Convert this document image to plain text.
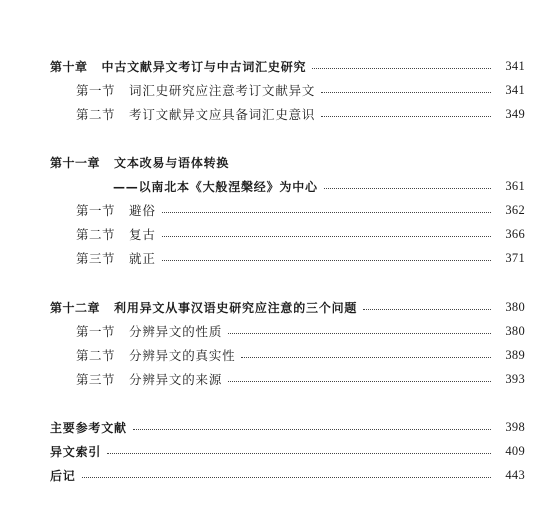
第十章 中古文献异文考订与中古词汇史研究	341
第一节 词汇史研究应注意考订文献异文	341
第二节 考订文献异文应具备词汇史意识	349
第十一章 文本改易与语体转换
——以南北本《大般涅槃经》为中心	361
第一节 避俗	362
第二节 复古	366
第三节 就正	371
第十二章 利用异文从事汉语史研究应注意的三个问题	380
第一节 分辨异文的性质	380
第二节 分辨异文的真实性	389
第三节 分辨异文的来源	393
主要参考文献	398
异文索引	409
后记	443
